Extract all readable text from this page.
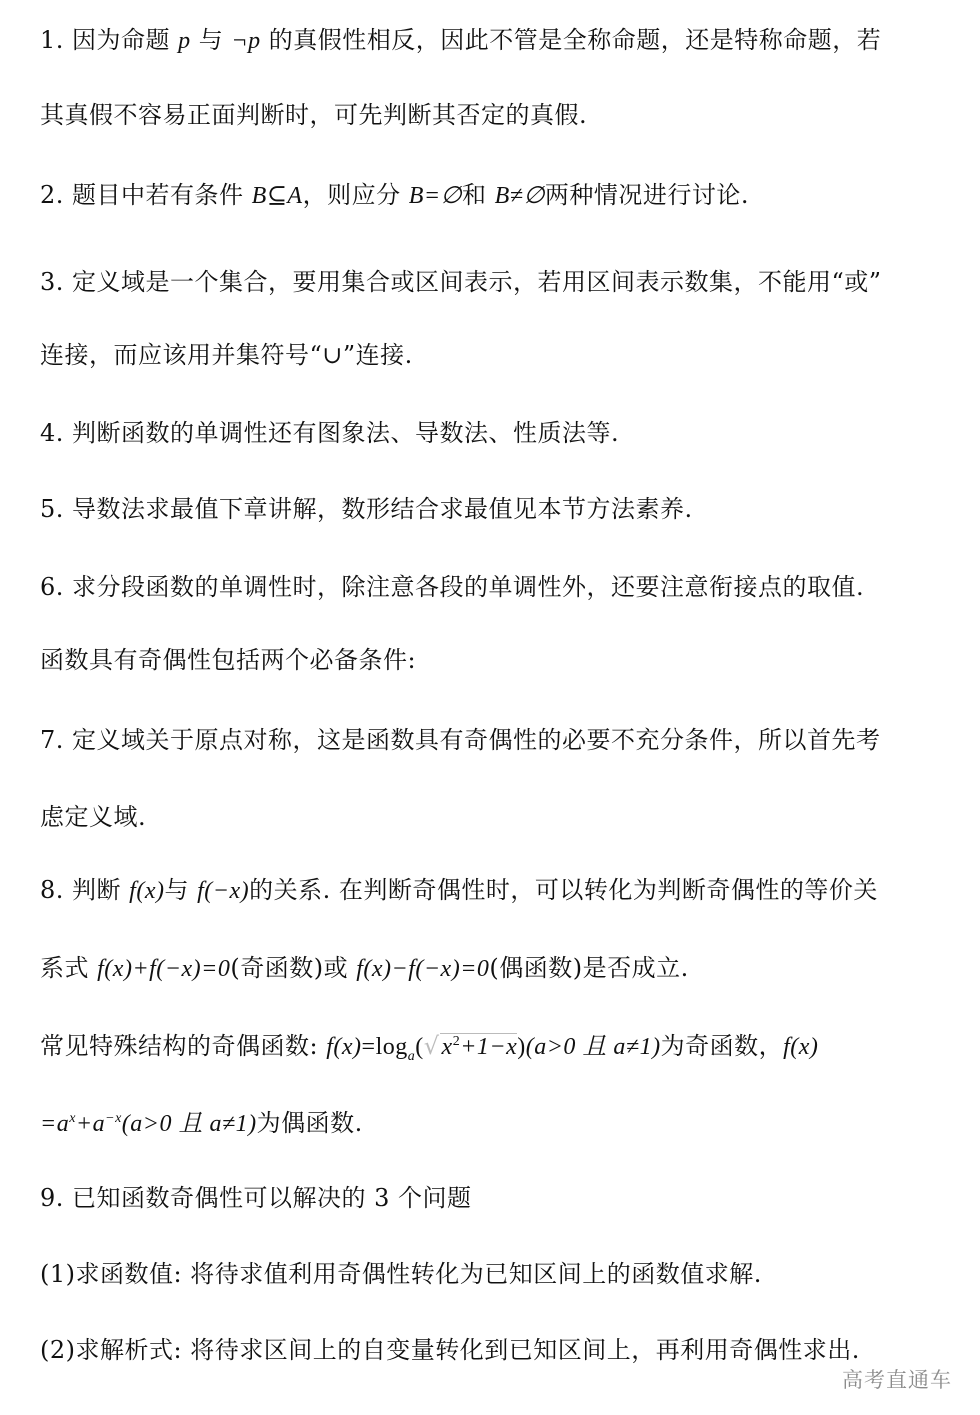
1. 因为命题 p 与 ¬p 的真假性相反，因此不管是全称命题，还是特称命题，若
其真假不容易正面判断时，可先判断其否定的真假.
2. 题目中若有条件 B⊆A，则应分 B=∅和 B≠∅两种情况进行讨论.
3. 定义域是一个集合，要用集合或区间表示，若用区间表示数集，不能用“或”
连接，而应该用并集符号“∪”连接.
4. 判断函数的单调性还有图象法、导数法、性质法等.
5. 导数法求最值下章讲解，数形结合求最值见本节方法素养.
6. 求分段函数的单调性时，除注意各段的单调性外，还要注意衔接点的取值.
函数具有奇偶性包括两个必备条件:
7. 定义域关于原点对称，这是函数具有奇偶性的必要不充分条件，所以首先考
虑定义域.
8. 判断 f(x)与 f(−x)的关系. 在判断奇偶性时，可以转化为判断奇偶性的等价关
系式 f(x)+f(−x)=0(奇函数)或 f(x)−f(−x)=0(偶函数)是否成立.
常见特殊结构的奇偶函数: $f(x)=\log_a(√x^2+1-x)(a>0$ 且 a≠1)为奇函数，f(x)
$=a^x+a^{-x}(a>0$ 且 a≠1)为偶函数.
9. 已知函数奇偶性可以解决的 3 个问题
(1)求函数值: 将待求值利用奇偶性转化为已知区间上的函数值求解.
(2)求解析式: 将待求区间上的自变量转化到已知区间上，再利用奇偶性求出.
高考直通车
